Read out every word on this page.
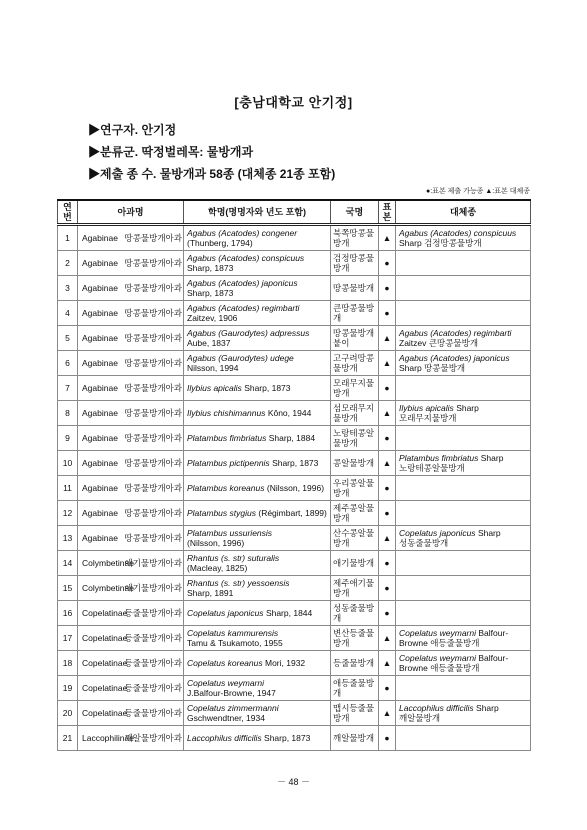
[충남대학교 안기정]
▶연구자. 안기정
▶분류군. 딱정벌레목: 물방개과
▶제출 종 수. 물방개과 58종 (대체종 21종 포함)
●:표본 제출 가능종 ▲:표본 대체종
연번	아과명		학명(명명자와 년도 포함)	국명	표본	대체종
1	Agabinae	땅콩물방개아과	Agabus (Acatodes) congener (Thunberg, 1794)	북쪽땅콩물방개	▲	Agabus (Acatodes) conspicuus Sharp 검정땅콩물방개
2	Agabinae	땅콩물방개아과	Agabus (Acatodes) conspicuus Sharp, 1873	검정땅콩물방개	●	
3	Agabinae	땅콩물방개아과	Agabus (Acatodes) japonicus Sharp, 1873	땅콩물방개	●	
4	Agabinae	땅콩물방개아과	Agabus (Acatodes) regimbarti Zaitzev, 1906	큰땅콩물방개	●	
5	Agabinae	땅콩물방개아과	Agabus (Gaurodytes) adpressus Aube, 1837	땅콩물방개붙이	▲	Agabus (Acatodes) regimbarti Zaitzev 큰땅콩물방개
6	Agabinae	땅콩물방개아과	Agabus (Gaurodytes) udege Nilsson, 1994	고구려땅콩물방개	▲	Agabus (Acatodes) japonicus Sharp 땅콩물방개
7	Agabinae	땅콩물방개아과	Ilybius apicalis Sharp, 1873	모래무지물방개	●	
8	Agabinae	땅콩물방개아과	Ilybius chishimannus Kôno, 1944	섬모래무지물방개	▲	Ilybius apicalis Sharp 모래무지물방개
9	Agabinae	땅콩물방개아과	Platambus fimbriatus Sharp, 1884	노랑테콩알물방개	●	
10	Agabinae	땅콩물방개아과	Platambus pictipennis Sharp, 1873	콩알물방개	▲	Platambus fimbriatus Sharp 노랑테콩알물방개
11	Agabinae	땅콩물방개아과	Platambus koreanus (Nilsson, 1996)	우리콩알물방개	●	
12	Agabinae	땅콩물방개아과	Platambus stygius (Régimbart, 1899)	제주콩알물방개	●	
13	Agabinae	땅콩물방개아과	Platambus ussuriensis (Nilsson, 1996)	산수콩알물방개	▲	Copelatus japonicus Sharp 성동줄물방개
14	Colymbetinae	애기물방개아과	Rhantus (s. str) suturalis (Macleay, 1825)	애기물방개	●	
15	Colymbetinae	애기물방개아과	Rhantus (s. str) yessoensis Sharp, 1891	제주애기물방개	●	
16	Copelatinae	등줄물방개아과	Copelatus japonicus Sharp, 1844	성동줄물방개	●	
17	Copelatinae	등줄물방개아과	Copelatus kammurensis Tamu & Tsukamoto, 1955	변산등줄물방개	▲	Copelatus weymarni Balfour-Browne 애등줄물방개
18	Copelatinae	등줄물방개아과	Copelatus koreanus Mori, 1932	등줄물방개	▲	Copelatus weymarni Balfour-Browne 애등줄물방개
19	Copelatinae	등줄물방개아과	Copelatus weymarni J.Balfour-Browne, 1947	애등줄물방개	●	
20	Copelatinae	등줄물방개아과	Copelatus zimmermanni Gschwendtner, 1934	맵시등줄물방개	▲	Laccophilus difficilis Sharp 깨알물방개
21	Laccophilinae	깨알물방개아과	Laccophilus difficilis Sharp, 1873	깨알물방개	●	
－ 48 －
